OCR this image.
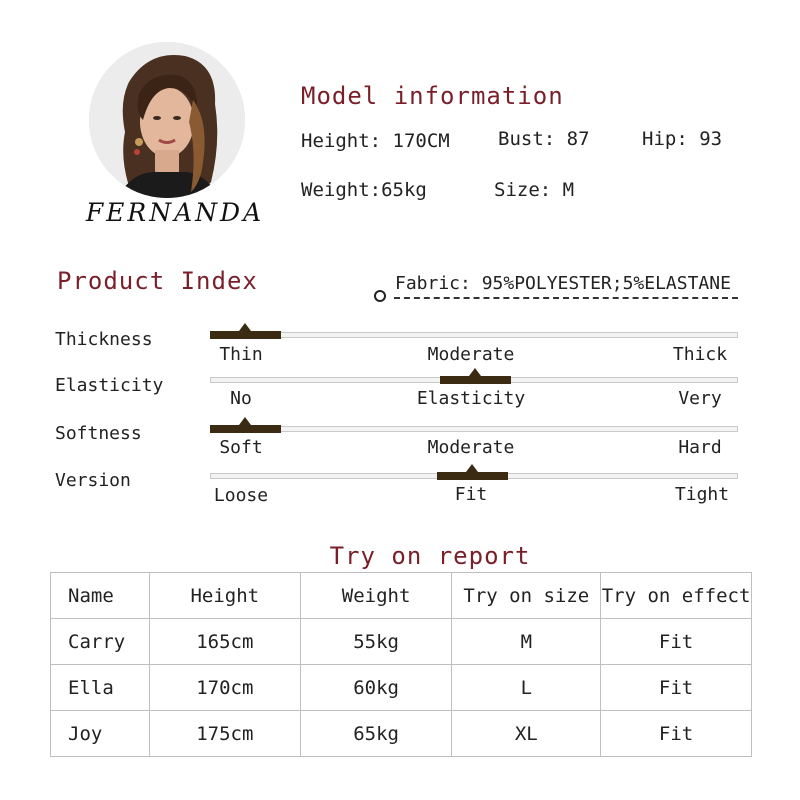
FERNANDA
Model information
Height: 170CM	Bust: 87	Hip: 93
Weight:65kg	Size: M
Product Index	Fabric: 95%POLYESTER;5%ELASTANE
Thickness
Thin	Moderate	Thick
Elasticity
No	Elasticity	Very
Softness
Soft	Moderate	Hard
Version
Loose	Fit	Tight
Try on report
Name	Height	Weight	Try on size	Try on effect
Carry	165cm	55kg	M	Fit
Ella	170cm	60kg	L	Fit
Joy	175cm	65kg	XL	Fit
